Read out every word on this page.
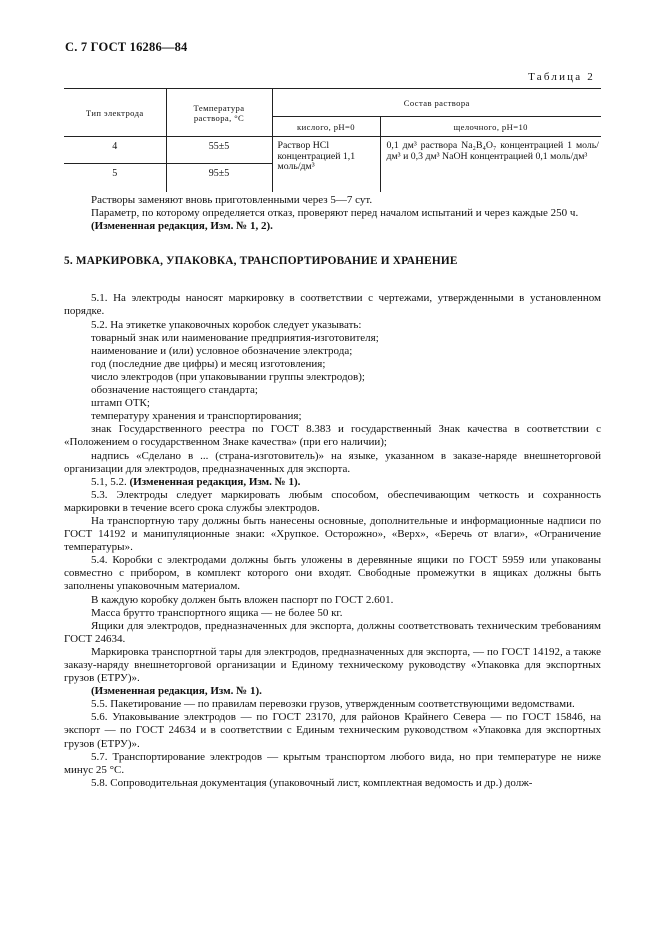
С. 7 ГОСТ 16286—84
Таблица 2
Тип электрода	Температура раствора, °С	Состав раствора	
		кислого, рН=0	щелочного, рН=10
4	55±5	Раствор HCl концентрацией 1,1 моль/дм³	0,1 дм³ раствора Na₂B₄O₇ концентрацией 1 моль/дм³ и 0,3 дм³ NaOH концентрацией 0,1 моль/дм³
5	95±5		

Растворы заменяют вновь приготовленными через 5—7 сут.

Параметр, по которому определяется отказ, проверяют перед началом испытаний и через каждые 250 ч.

(Измененная редакция, Изм. № 1, 2).

5. МАРКИРОВКА, УПАКОВКА, ТРАНСПОРТИРОВАНИЕ И ХРАНЕНИЕ

5.1. На электроды наносят маркировку в соответствии с чертежами, утвержденными в установленном порядке.

5.2. На этикетке упаковочных коробок следует указывать:

товарный знак или наименование предприятия-изготовителя;

наименование и (или) условное обозначение электрода;

год (последние две цифры) и месяц изготовления;

число электродов (при упаковывании группы электродов);

обозначение настоящего стандарта;

штамп ОТК;

температуру хранения и транспортирования;

знак Государственного реестра по ГОСТ 8.383 и государственный Знак качества в соответствии с «Положением о государственном Знаке качества» (при его наличии);

надпись «Сделано в ... (страна-изготовитель)» на языке, указанном в заказе-наряде внешнеторговой организации для электродов, предназначенных для экспорта.

5.1, 5.2. (Измененная редакция, Изм. № 1).

5.3. Электроды следует маркировать любым способом, обеспечивающим четкость и сохранность маркировки в течение всего срока службы электродов.

На транспортную тару должны быть нанесены основные, дополнительные и информационные надписи по ГОСТ 14192 и манипуляционные знаки: «Хрупкое. Осторожно», «Верх», «Беречь от влаги», «Ограничение температуры».

5.4. Коробки с электродами должны быть уложены в деревянные ящики по ГОСТ 5959 или упакованы совместно с прибором, в комплект которого они входят. Свободные промежутки в ящиках должны быть заполнены упаковочным материалом.

В каждую коробку должен быть вложен паспорт по ГОСТ 2.601.

Масса брутто транспортного ящика — не более 50 кг.

Ящики для электродов, предназначенных для экспорта, должны соответствовать техническим требованиям ГОСТ 24634.

Маркировка транспортной тары для электродов, предназначенных для экспорта, — по ГОСТ 14192, а также заказу-наряду внешнеторговой организации и Единому техническому руководству «Упаковка для экспортных грузов (ЕТРУ)».

(Измененная редакция, Изм. № 1).

5.5. Пакетирование — по правилам перевозки грузов, утвержденным соответствующими ведомствами.

5.6. Упаковывание электродов — по ГОСТ 23170, для районов Крайнего Севера — по ГОСТ 15846, на экспорт — по ГОСТ 24634 и в соответствии с Единым техническим руководством «Упаковка для экспортных грузов (ЕТРУ)».

5.7. Транспортирование электродов — крытым транспортом любого вида, но при температуре не ниже минус 25 °С.

5.8. Сопроводительная документация (упаковочный лист, комплектная ведомость и др.) долж-
